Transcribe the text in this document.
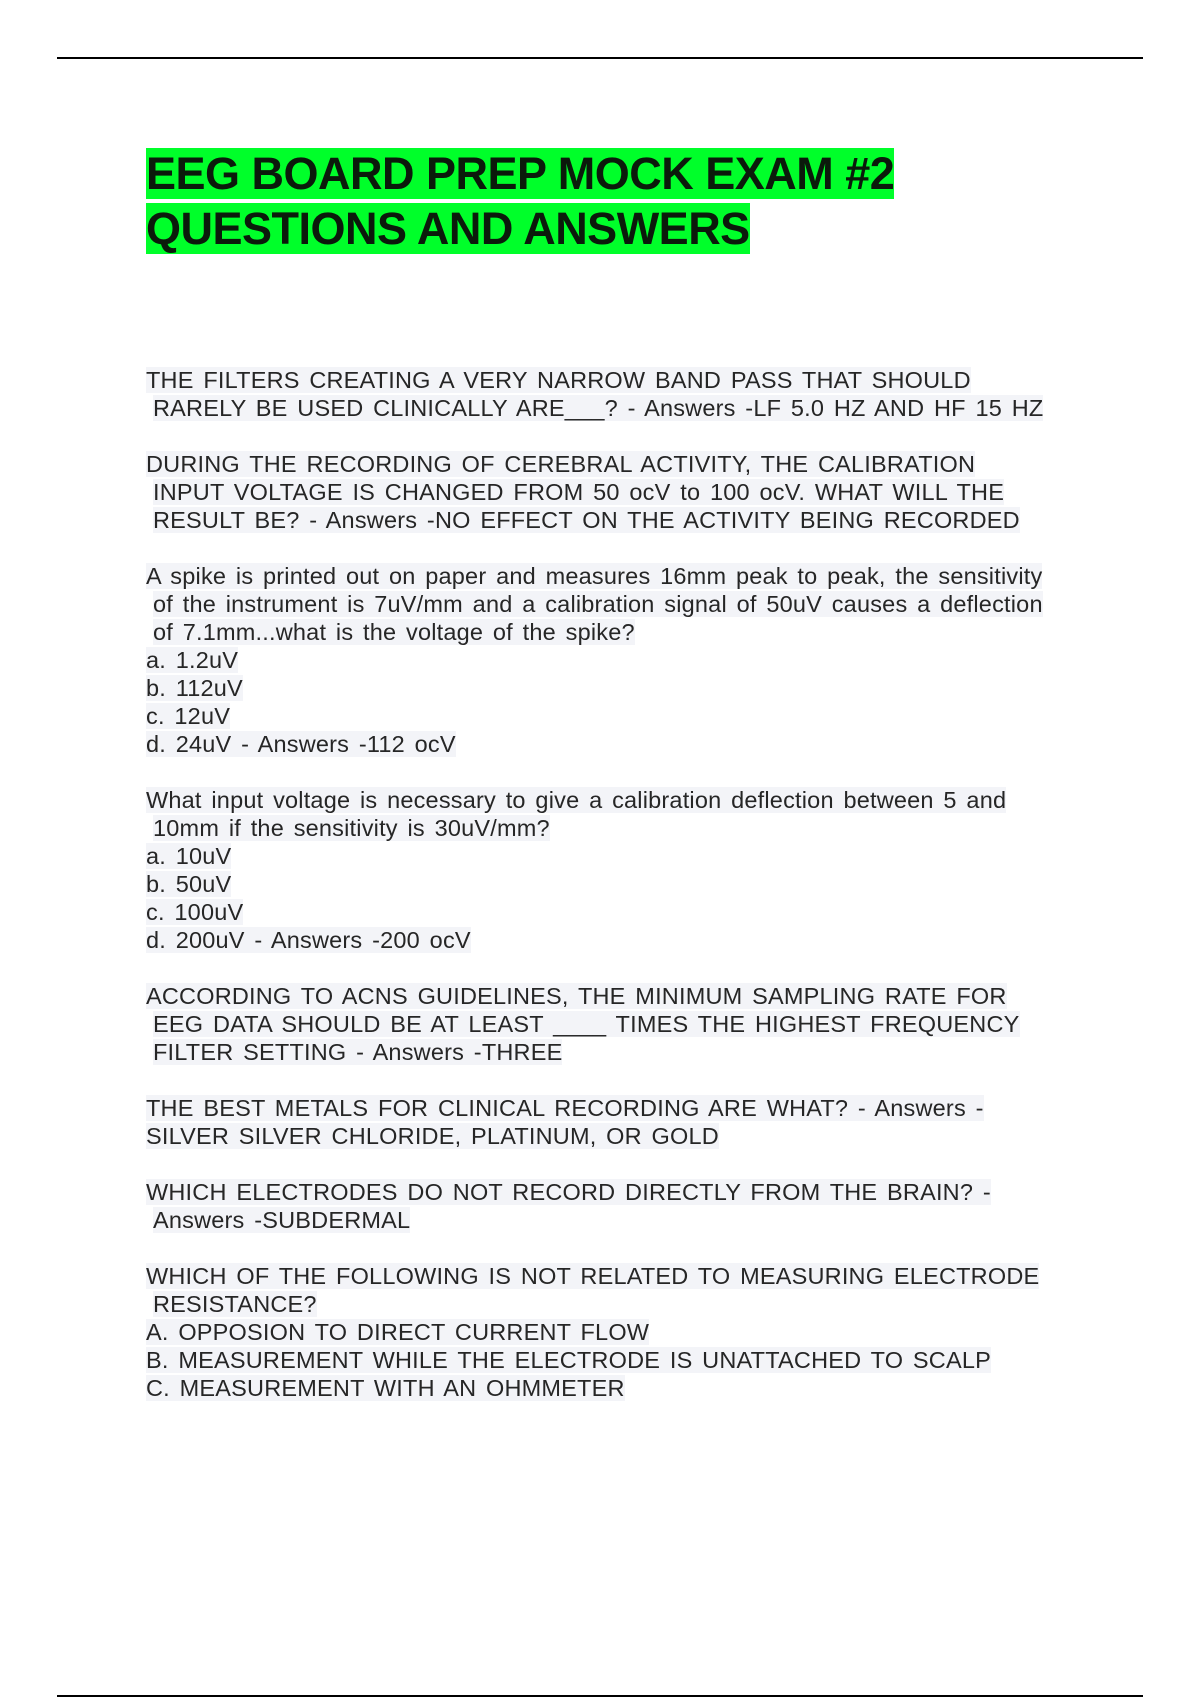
EEG BOARD PREP MOCK EXAM #2
QUESTIONS AND ANSWERS
THE FILTERS CREATING A VERY NARROW BAND PASS THAT SHOULD
RARELY BE USED CLINICALLY ARE___? - Answers -LF 5.0 HZ AND HF 15 HZ
DURING THE RECORDING OF CEREBRAL ACTIVITY, THE CALIBRATION
INPUT VOLTAGE IS CHANGED FROM 50 ocV to 100 ocV. WHAT WILL THE
RESULT BE? - Answers -NO EFFECT ON THE ACTIVITY BEING RECORDED
A spike is printed out on paper and measures 16mm peak to peak, the sensitivity
of the instrument is 7uV/mm and a calibration signal of 50uV causes a deflection
of 7.1mm...what is the voltage of the spike?
a. 1.2uV
b. 112uV
c. 12uV
d. 24uV - Answers -112 ocV
What input voltage is necessary to give a calibration deflection between 5 and
10mm if the sensitivity is 30uV/mm?
a. 10uV
b. 50uV
c. 100uV
d. 200uV - Answers -200 ocV
ACCORDING TO ACNS GUIDELINES, THE MINIMUM SAMPLING RATE FOR
EEG DATA SHOULD BE AT LEAST ____ TIMES THE HIGHEST FREQUENCY
FILTER SETTING - Answers -THREE
THE BEST METALS FOR CLINICAL RECORDING ARE WHAT? - Answers -
SILVER SILVER CHLORIDE, PLATINUM, OR GOLD
WHICH ELECTRODES DO NOT RECORD DIRECTLY FROM THE BRAIN? -
Answers -SUBDERMAL
WHICH OF THE FOLLOWING IS NOT RELATED TO MEASURING ELECTRODE
RESISTANCE?
A. OPPOSION TO DIRECT CURRENT FLOW
B. MEASUREMENT WHILE THE ELECTRODE IS UNATTACHED TO SCALP
C. MEASUREMENT WITH AN OHMMETER
